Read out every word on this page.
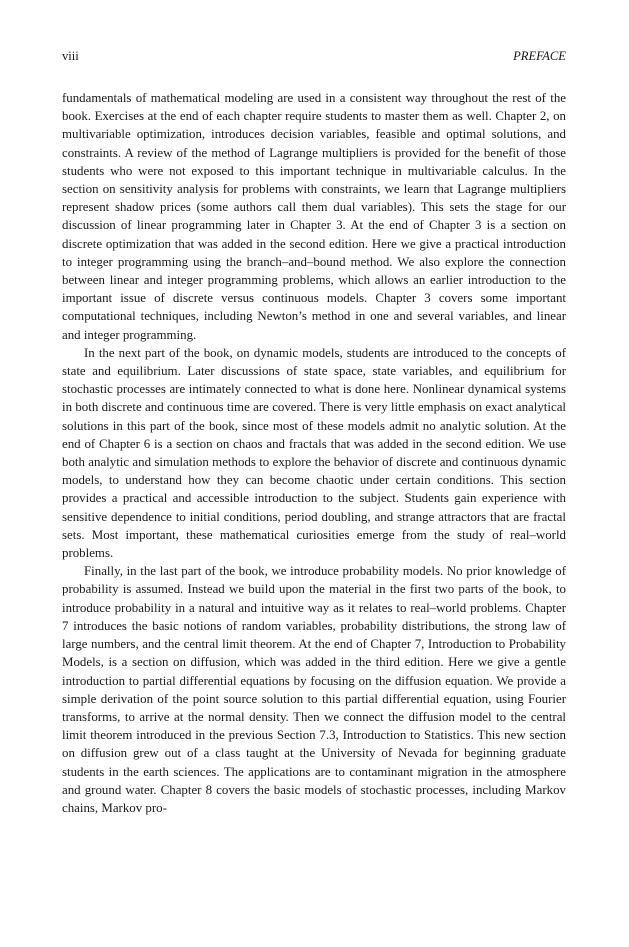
viii	PREFACE

fundamentals of mathematical modeling are used in a consistent way throughout the rest of the book. Exercises at the end of each chapter require students to master them as well. Chapter 2, on multivariable optimization, introduces decision variables, feasible and optimal solutions, and constraints. A review of the method of Lagrange multipliers is provided for the benefit of those students who were not exposed to this important technique in multivariable calculus. In the section on sensitivity analysis for problems with constraints, we learn that Lagrange multipliers represent shadow prices (some authors call them dual variables). This sets the stage for our discussion of linear programming later in Chapter 3. At the end of Chapter 3 is a section on discrete optimization that was added in the second edition. Here we give a practical introduction to integer programming using the branch–and–bound method. We also explore the connection between linear and integer programming problems, which allows an earlier introduction to the important issue of discrete versus continuous models. Chapter 3 covers some important computational techniques, including Newton’s method in one and several variables, and linear and integer programming.

In the next part of the book, on dynamic models, students are introduced to the concepts of state and equilibrium. Later discussions of state space, state variables, and equilibrium for stochastic processes are intimately connected to what is done here. Nonlinear dynamical systems in both discrete and continuous time are covered. There is very little emphasis on exact analytical solutions in this part of the book, since most of these models admit no analytic solution. At the end of Chapter 6 is a section on chaos and fractals that was added in the second edition. We use both analytic and simulation methods to explore the behavior of discrete and continuous dynamic models, to understand how they can become chaotic under certain conditions. This section provides a practical and accessible introduction to the subject. Students gain experience with sensitive dependence to initial conditions, period doubling, and strange attractors that are fractal sets. Most important, these mathematical curiosities emerge from the study of real–world problems.

Finally, in the last part of the book, we introduce probability models. No prior knowledge of probability is assumed. Instead we build upon the material in the first two parts of the book, to introduce probability in a natural and intuitive way as it relates to real–world problems. Chapter 7 introduces the basic notions of random variables, probability distributions, the strong law of large numbers, and the central limit theorem. At the end of Chapter 7, Introduction to Probability Models, is a section on diffusion, which was added in the third edition. Here we give a gentle introduction to partial differential equations by focusing on the diffusion equation. We provide a simple derivation of the point source solution to this partial differential equation, using Fourier transforms, to arrive at the normal density. Then we connect the diffusion model to the central limit theorem introduced in the previous Section 7.3, Introduction to Statistics. This new section on diffusion grew out of a class taught at the University of Nevada for beginning graduate students in the earth sciences. The applications are to contaminant migration in the atmosphere and ground water. Chapter 8 covers the basic models of stochastic processes, including Markov chains, Markov pro-
